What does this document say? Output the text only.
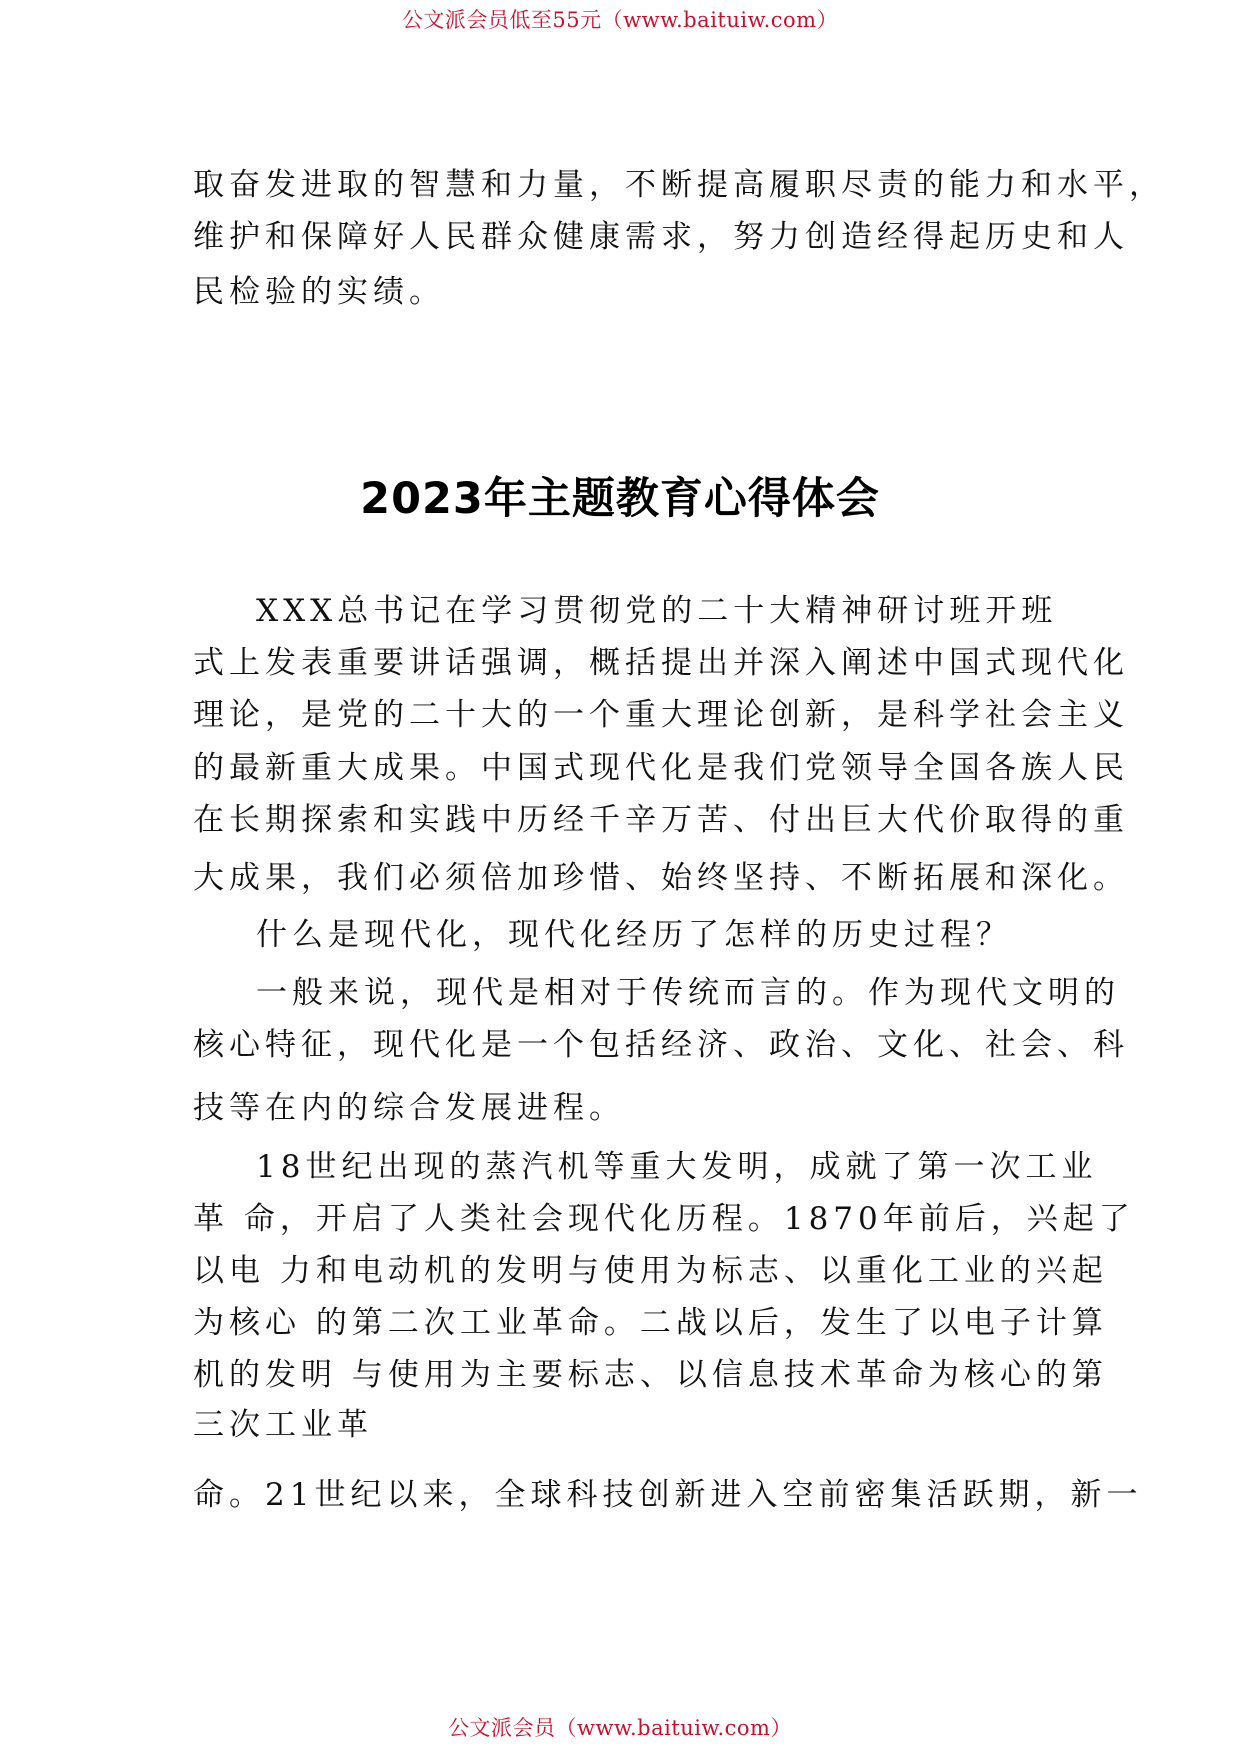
公文派会员低至55元（www.baituiw.com）
取奋发进取的智慧和力量，不断提高履职尽责的能力和水平，
维护和保障好人民群众健康需求，努力创造经得起历史和人
民检验的实绩。
2023年主题教育心得体会
XXX总书记在学习贯彻党的二十大精神研讨班开班
式上发表重要讲话强调，概括提出并深入阐述中国式现代化
理论，是党的二十大的一个重大理论创新，是科学社会主义
的最新重大成果。中国式现代化是我们党领导全国各族人民
在长期探索和实践中历经千辛万苦、付出巨大代价取得的重
大成果，我们必须倍加珍惜、始终坚持、不断拓展和深化。
什么是现代化，现代化经历了怎样的历史过程？
一般来说，现代是相对于传统而言的。作为现代文明的
核心特征，现代化是一个包括经济、政治、文化、社会、科
技等在内的综合发展进程。
18世纪出现的蒸汽机等重大发明，成就了第一次工业
革 命，开启了人类社会现代化历程。1870年前后，兴起了
以电 力和电动机的发明与使用为标志、以重化工业的兴起
为核心 的第二次工业革命。二战以后，发生了以电子计算
机的发明 与使用为主要标志、以信息技术革命为核心的第
三次工业革
命。21世纪以来，全球科技创新进入空前密集活跃期，新一
公文派会员（www.baituiw.com）
